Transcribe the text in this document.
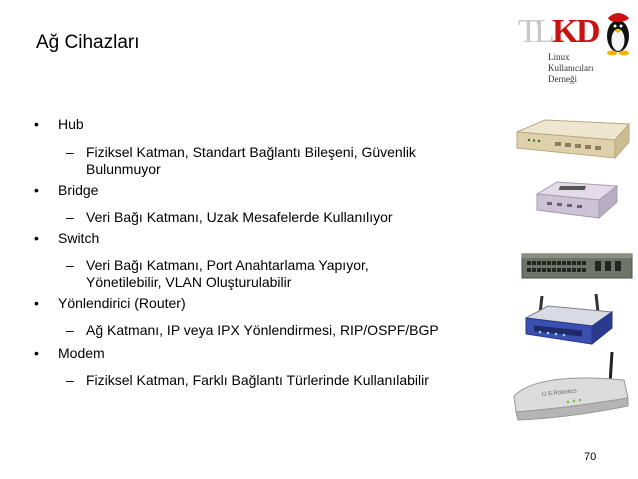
Ağ Cihazları	T
L
K
D
Linux
Kullanıcıları
Derneği
• Hub
– Fiziksel Katman, Standart Bağlantı Bileşeni, Güvenlik
Bulunmuyor
• Bridge
– Veri Bağı Katmanı, Uzak Mesafelerde Kullanılıyor
• Switch
– Veri Bağı Katmanı, Port Anahtarlama Yapıyor,
Yönetilebilir, VLAN Oluşturulabilir
• Yönlendirici (Router)
– Ağ Katmanı, IP veya IPX Yönlendirmesi, RIP/OSPF/BGP
• Modem
– Fiziksel Katman, Farklı Bağlantı Türlerinde Kullanılabilir
U.S.Robotics
70
